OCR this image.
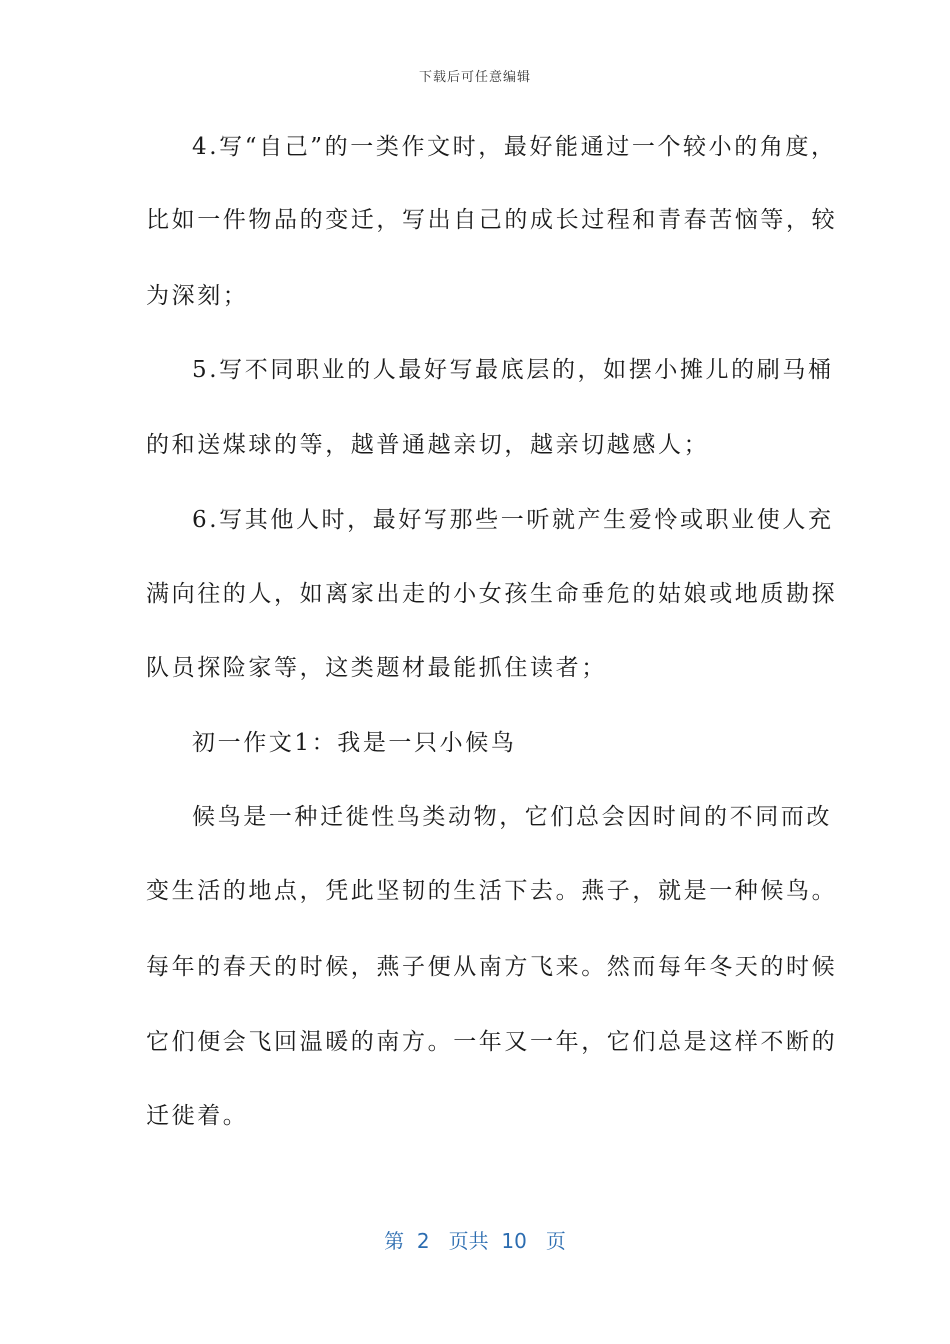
下载后可任意编辑
4.写“自己”的一类作文时，最好能通过一个较小的角度，
比如一件物品的变迁，写出自己的成长过程和青春苦恼等，较
为深刻；
5.写不同职业的人最好写最底层的，如摆小摊儿的刷马桶
的和送煤球的等，越普通越亲切，越亲切越感人；
6.写其他人时，最好写那些一听就产生爱怜或职业使人充
满向往的人，如离家出走的小女孩生命垂危的姑娘或地质勘探
队员探险家等，这类题材最能抓住读者；
初一作文1：我是一只小候鸟
候鸟是一种迁徙性鸟类动物，它们总会因时间的不同而改
变生活的地点，凭此坚韧的生活下去。燕子，就是一种候鸟。
每年的春天的时候，燕子便从南方飞来。然而每年冬天的时候
它们便会飞回温暖的南方。一年又一年，它们总是这样不断的
迁徙着。
第  2   页共  10   页
